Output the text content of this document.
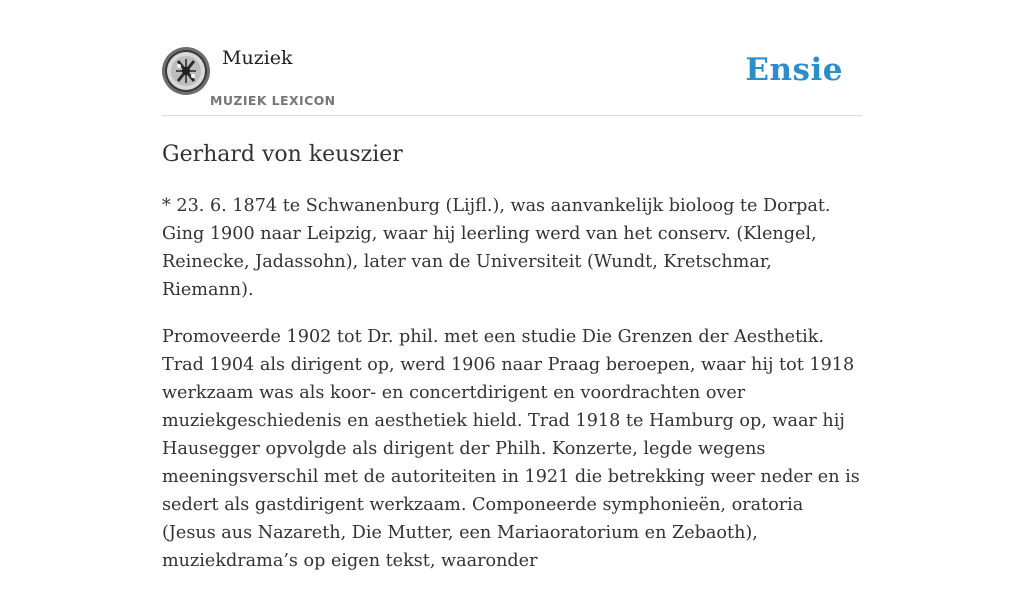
Muziek
MUZIEK LEXICON
Ensie
Gerhard von keuszier

* 23. 6. 1874 te Schwanenburg (Lijfl.), was aanvankelijk bioloog te Dorpat. Ging 1900 naar Leipzig, waar hij leerling werd van het conserv. (Klengel, Reinecke, Jadassohn), later van de Universiteit (Wundt, Kretschmar, Riemann).

Promoveerde 1902 tot Dr. phil. met een studie Die Grenzen der Aesthetik. Trad 1904 als dirigent op, werd 1906 naar Praag beroepen, waar hij tot 1918 werkzaam was als koor- en concertdirigent en voordrachten over muziekgeschiedenis en aesthetiek hield. Trad 1918 te Hamburg op, waar hij Hausegger opvolgde als dirigent der Philh. Konzerte, legde wegens meeningsverschil met de autoriteiten in 1921 die betrekking weer neder en is sedert als gastdirigent werkzaam. Componeerde symphonieën, oratoria (Jesus aus Nazareth, Die Mutter, een Mariaoratorium en Zebaoth), muziekdrama’s op eigen tekst, waaronder
